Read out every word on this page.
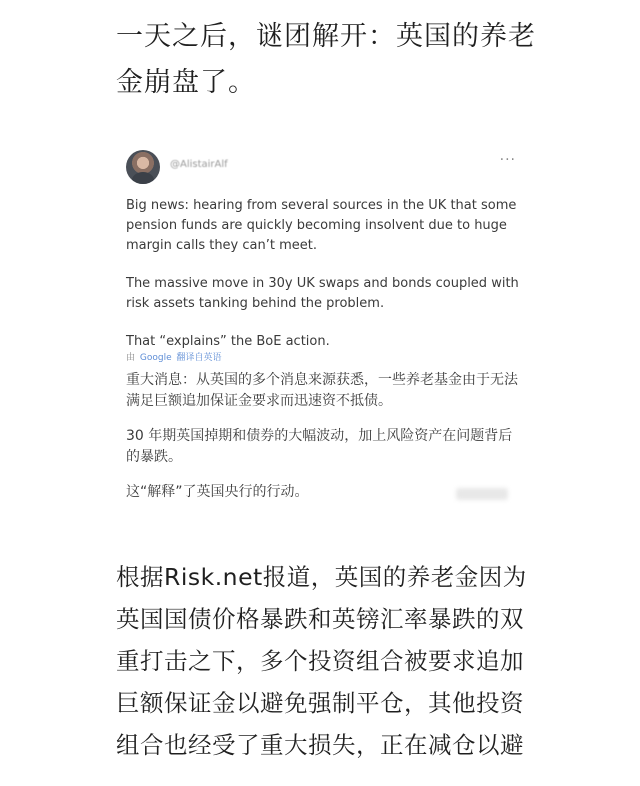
一天之后，谜团解开：英国的养老金崩盘了。
@AlistairAlf	···

Big news: hearing from several sources in the UK that some pension funds are quickly becoming insolvent due to huge margin calls they can’t meet.

The massive move in 30y UK swaps and bonds coupled with risk assets tanking behind the problem.

That “explains” the BoE action.

由 Google 翻译自英语

重大消息：从英国的多个消息来源获悉，一些养老基金由于无法满足巨额追加保证金要求而迅速资不抵债。

30 年期英国掉期和债券的大幅波动，加上风险资产在问题背后的暴跌。

这“解释”了英国央行的行动。

根据Risk.net报道，英国的养老金因为英国国债价格暴跌和英镑汇率暴跌的双重打击之下，多个投资组合被要求追加巨额保证金以避免强制平仓，其他投资组合也经受了重大损失，正在减仓以避
